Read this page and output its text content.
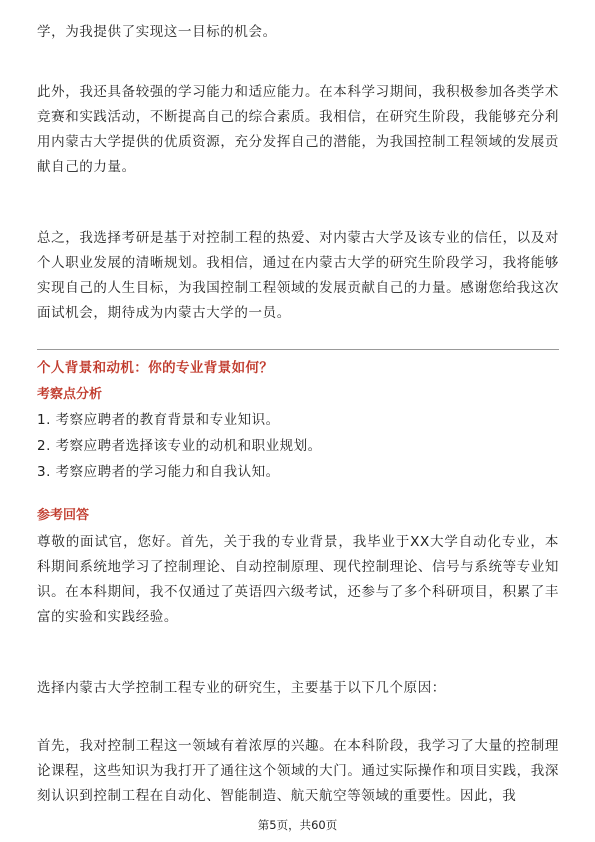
学，为我提供了实现这一目标的机会。

此外，我还具备较强的学习能力和适应能力。在本科学习期间，我积极参加各类学术竞赛和实践活动，不断提高自己的综合素质。我相信，在研究生阶段，我能够充分利用内蒙古大学提供的优质资源，充分发挥自己的潜能，为我国控制工程领域的发展贡献自己的力量。

总之，我选择考研是基于对控制工程的热爱、对内蒙古大学及该专业的信任，以及对个人职业发展的清晰规划。我相信，通过在内蒙古大学的研究生阶段学习，我将能够实现自己的人生目标，为我国控制工程领域的发展贡献自己的力量。感谢您给我这次面试机会，期待成为内蒙古大学的一员。

个人背景和动机：你的专业背景如何？

考察点分析

1. 考察应聘者的教育背景和专业知识。

2. 考察应聘者选择该专业的动机和职业规划。

3. 考察应聘者的学习能力和自我认知。

参考回答

尊敬的面试官，您好。首先，关于我的专业背景，我毕业于XX大学自动化专业，本科期间系统地学习了控制理论、自动控制原理、现代控制理论、信号与系统等专业知识。在本科期间，我不仅通过了英语四六级考试，还参与了多个科研项目，积累了丰富的实验和实践经验。

选择内蒙古大学控制工程专业的研究生，主要基于以下几个原因：

首先，我对控制工程这一领域有着浓厚的兴趣。在本科阶段，我学习了大量的控制理论课程，这些知识为我打开了通往这个领域的大门。通过实际操作和项目实践，我深刻认识到控制工程在自动化、智能制造、航天航空等领域的重要性。因此，我

第5页，共60页
